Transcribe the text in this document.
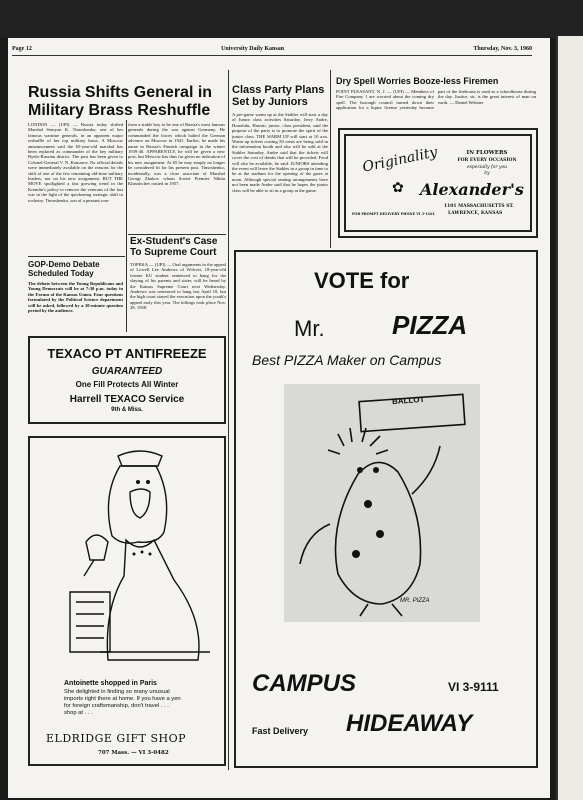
Page 12	University Daily Kansan	Thursday, Nov. 3, 1960
Russia Shifts General in Military Brass Reshuffle
LONDON — (UPI) — Russia today shifted Marshal Semyon K. Timoshenko, one of her famous wartime generals, in an apparent major reshuffle of her top military brass. A Moscow announcement said the 65-year-old marshal has been replaced as commander of the key military Byelo-Russian district. The post has been given to Colonel-General V. N. Komarov. No official details were immediately available on the reasons for the shift of one of the few remaining old-time military leaders, nor on his new assignment. BUT THE MOVE spotlighted a fast growing trend in the Kremlin's policy to remove the veterans of the last war in the light of the quickening strategic shift to rocketry. Timoshenko, son of a peasant rose
from a stable boy to be one of Russia's most famous generals during the war against Germany. He commanded the forces which halted the German advance on Moscow in 1941. Earlier, he made his name in Russia's Finnish campaign in the winter 1939-40. APPARENTLY, he will be given a new post, but Moscow has thus far given no indication of his new assignment. At 65 he may simply no longer be considered fit for his present post. Timoshenko, incidentally, was a close associate of Marshal Georgi Zhukov whom Soviet Premier Nikita Khrushchev ousted in 1957.
Ex-Student's Case To Supreme Court
TOPEKA — (UPI) — Oral arguments in the appeal of Lowell Lee Andrews of Wolcott, 18-year-old former KU student sentenced to hang for the slaying of his parents and sister, will be heard by the Kansas Supreme Court next Wednesday. Andrews was sentenced to hang last April 18, but the high court stayed the execution upon the youth's appeal early this year. The killings took place Nov. 28, 1958.
GOP-Demo Debate Scheduled Today
The debate between the Young Republicans and Young Democrats will be at 7:30 p.m. today in the Forum of the Kansas Union. Four questions formulated by the Political Science department will be asked, followed by a 30-minute question period by the audience.
Class Party Plans Set by Juniors
A pre-game warm up at the Stables will start a day of Junior class activities Saturday. Jerry Andre, Honolulu, Hawaii, junior, class president, said the purpose of the party is to promote the spirit of the junior class. THE WARM UP will start at 10 a.m. Warm up tickets costing 50 cents are being sold in the information booth and also will be sold at the Stables Saturday. Andre said that the tickets will cover the cost of drinks that will be provided. Food will also be available, he said. JUNIORS attending the event will leave the Stables in a group in time to be at the stadium for the opening of the gates at noon. Although special seating arrangements have not been made Andre said that he hopes the junior class will be able to sit in a group at the game.
Dry Spell Worries Booze-less Firemen
POINT PLEASANT, N. J. — (UPI) — Members of Fire Company 1 are worried about the coming dry spell. The borough council turned down their application for a liquor license yesterday because part of the firehouse is used as a schoolhouse during the day. Justice, sir, is the great interest of man on earth. — Daniel Webster
TEXACO PT ANTIFREEZE
GUARANTEED
One Fill Protects All Winter
Harrell TEXACO Service
9th & Miss.
Antoinette shopped in Paris
She delighted in finding so many unusual imports right there at home. If you have a yen for foreign craftsmanship, don't travel . . . shop at . . .
ELDRIDGE GIFT SHOP
707 Mass. — VI 3-0482
Originality
✿
IN FLOWERS
FOR EVERY OCCASION
especially for you
by
Alexander's
1101 MASSACHUSETTS ST.
LAWRENCE, KANSAS
FOR PROMPT DELIVERY PHONE VI 3-1161
VOTE for
Mr.	PIZZA
Best PIZZA Maker on Campus
BALLOT
MR. PIZZA
CAMPUS	VI 3-9111
Fast Delivery HIDEAWAY
